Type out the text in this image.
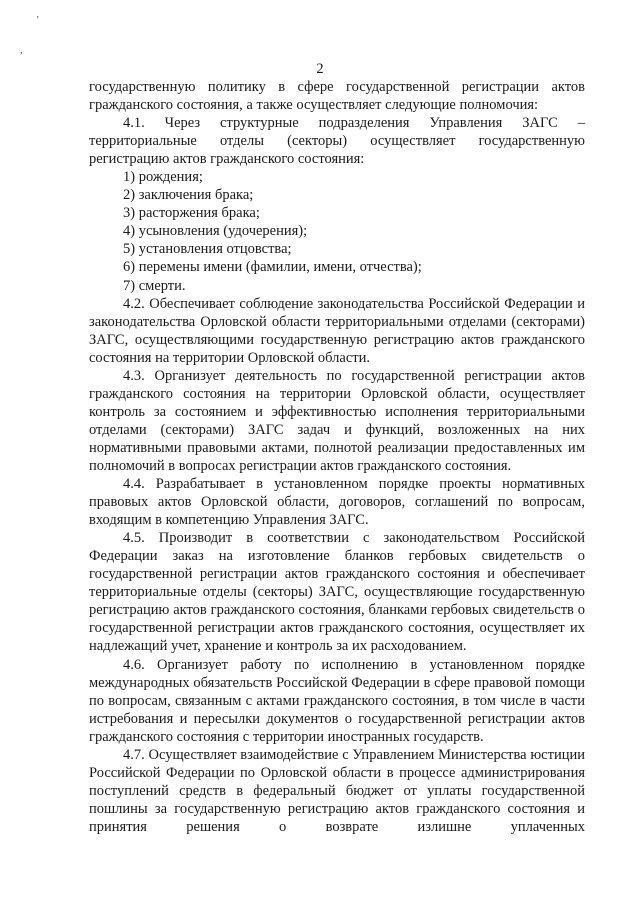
ʼ
,
2

государственную политику в сфере государственной регистрации актов гражданского состояния, а также осуществляет следующие полномочия:

4.1. Через структурные подразделения Управления ЗАГС – территориальные отделы (секторы) осуществляет государственную регистрацию актов гражданского состояния:

1) рождения;

2) заключения брака;

3) расторжения брака;

4) усыновления (удочерения);

5) установления отцовства;

6) перемены имени (фамилии, имени, отчества);

7) смерти.

4.2. Обеспечивает соблюдение законодательства Российской Федерации и законодательства Орловской области территориальными отделами (секторами) ЗАГС, осуществляющими государственную регистрацию актов гражданского состояния на территории Орловской области.

4.3. Организует деятельность по государственной регистрации актов гражданского состояния на территории Орловской области, осуществляет контроль за состоянием и эффективностью исполнения территориальными отделами (секторами) ЗАГС задач и функций, возложенных на них нормативными правовыми актами, полнотой реализации предоставленных им полномочий в вопросах регистрации актов гражданского состояния.

4.4. Разрабатывает в установленном порядке проекты нормативных правовых актов Орловской области, договоров, соглашений по вопросам, входящим в компетенцию Управления ЗАГС.

4.5. Производит в соответствии с законодательством Российской Федерации заказ на изготовление бланков гербовых свидетельств о государственной регистрации актов гражданского состояния и обеспечивает территориальные отделы (секторы) ЗАГС, осуществляющие государственную регистрацию актов гражданского состояния, бланками гербовых свидетельств о государственной регистрации актов гражданского состояния, осуществляет их надлежащий учет, хранение и контроль за их расходованием.

4.6. Организует работу по исполнению в установленном порядке международных обязательств Российской Федерации в сфере правовой помощи по вопросам, связанным с актами гражданского состояния, в том числе в части истребования и пересылки документов о государственной регистрации актов гражданского состояния с территории иностранных государств.

4.7. Осуществляет взаимодействие с Управлением Министерства юстиции Российской Федерации по Орловской области в процессе администрирования поступлений средств в федеральный бюджет от уплаты государственной пошлины за государственную регистрацию актов гражданского состояния и принятия решения о возврате излишне уплаченных
